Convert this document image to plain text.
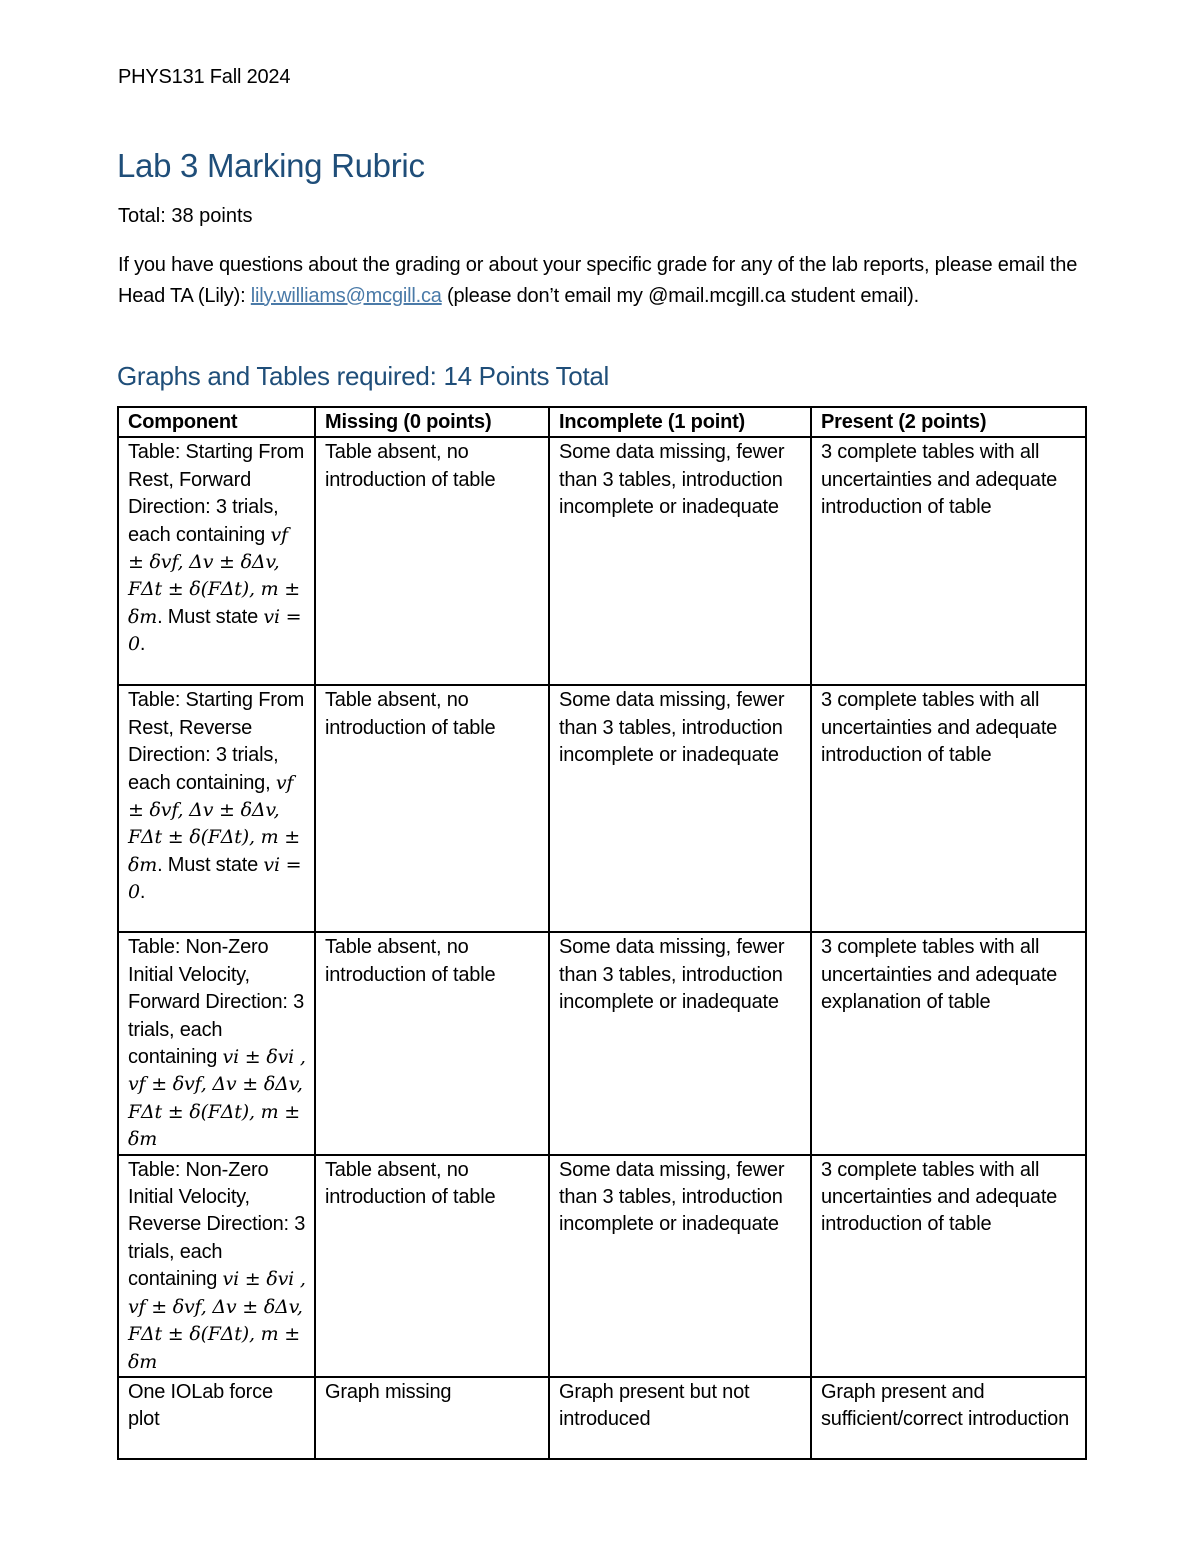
PHYS131 Fall 2024
Lab 3 Marking Rubric
Total: 38 points

If you have questions about the grading or about your specific grade for any of the lab reports, please email the Head TA (Lily): lily.williams@mcgill.ca (please don’t email my @mail.mcgill.ca student email).

Graphs and Tables required: 14 Points Total
Component	Missing (0 points)	Incomplete (1 point)	Present (2 points)
Table: Starting From Rest, Forward Direction: 3 trials, each containing vf ± δvf, Δv ± δΔv, FΔt ± δ(FΔt), m ± δm. Must state vi = 0.	Table absent, no introduction of table	Some data missing, fewer than 3 tables, introduction incomplete or inadequate	3 complete tables with all uncertainties and adequate introduction of table
Table: Starting From Rest, Reverse Direction: 3 trials, each containing, vf ± δvf, Δv ± δΔv, FΔt ± δ(FΔt), m ± δm. Must state vi = 0.	Table absent, no introduction of table	Some data missing, fewer than 3 tables, introduction incomplete or inadequate	3 complete tables with all uncertainties and adequate introduction of table
Table: Non-Zero Initial Velocity, Forward Direction: 3 trials, each containing vi ± δvi , vf ± δvf, Δv ± δΔv, FΔt ± δ(FΔt), m ± δm	Table absent, no introduction of table	Some data missing, fewer than 3 tables, introduction incomplete or inadequate	3 complete tables with all uncertainties and adequate explanation of table
Table: Non-Zero Initial Velocity, Reverse Direction: 3 trials, each containing vi ± δvi , vf ± δvf, Δv ± δΔv, FΔt ± δ(FΔt), m ± δm	Table absent, no introduction of table	Some data missing, fewer than 3 tables, introduction incomplete or inadequate	3 complete tables with all uncertainties and adequate introduction of table
One IOLab force plot	Graph missing	Graph present but not introduced	Graph present and sufficient/correct introduction
